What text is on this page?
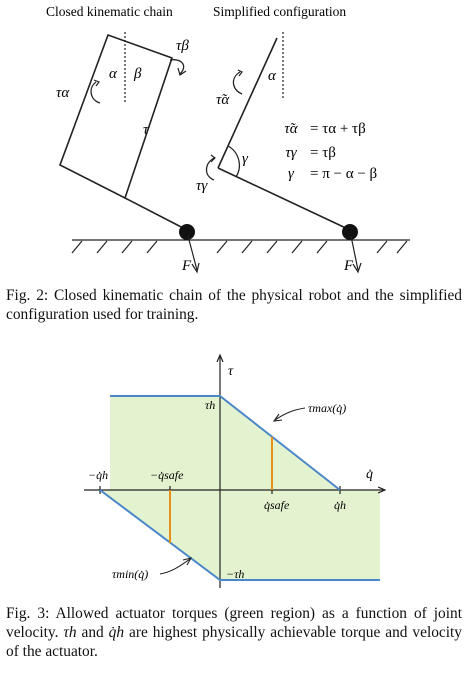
Closed kinematic chain	Simplified configuration
τα
τβ
α β
τ
F
τ̃α
α
γ
τγ
F
τ̃α = τα + τβ
τγ = τβ
γ = π − α − β
Fig. 2: Closed kinematic chain of the physical robot and the simplified configuration used for training.
τ
q̇
τh
−τh
−q̇h	−q̇safe
q̇safe	q̇h
τmax(q̇)
τmin(q̇)
Fig. 3: Allowed actuator torques (green region) as a function of joint velocity. τh and q̇h are highest physically achievable torque and velocity of the actuator.
